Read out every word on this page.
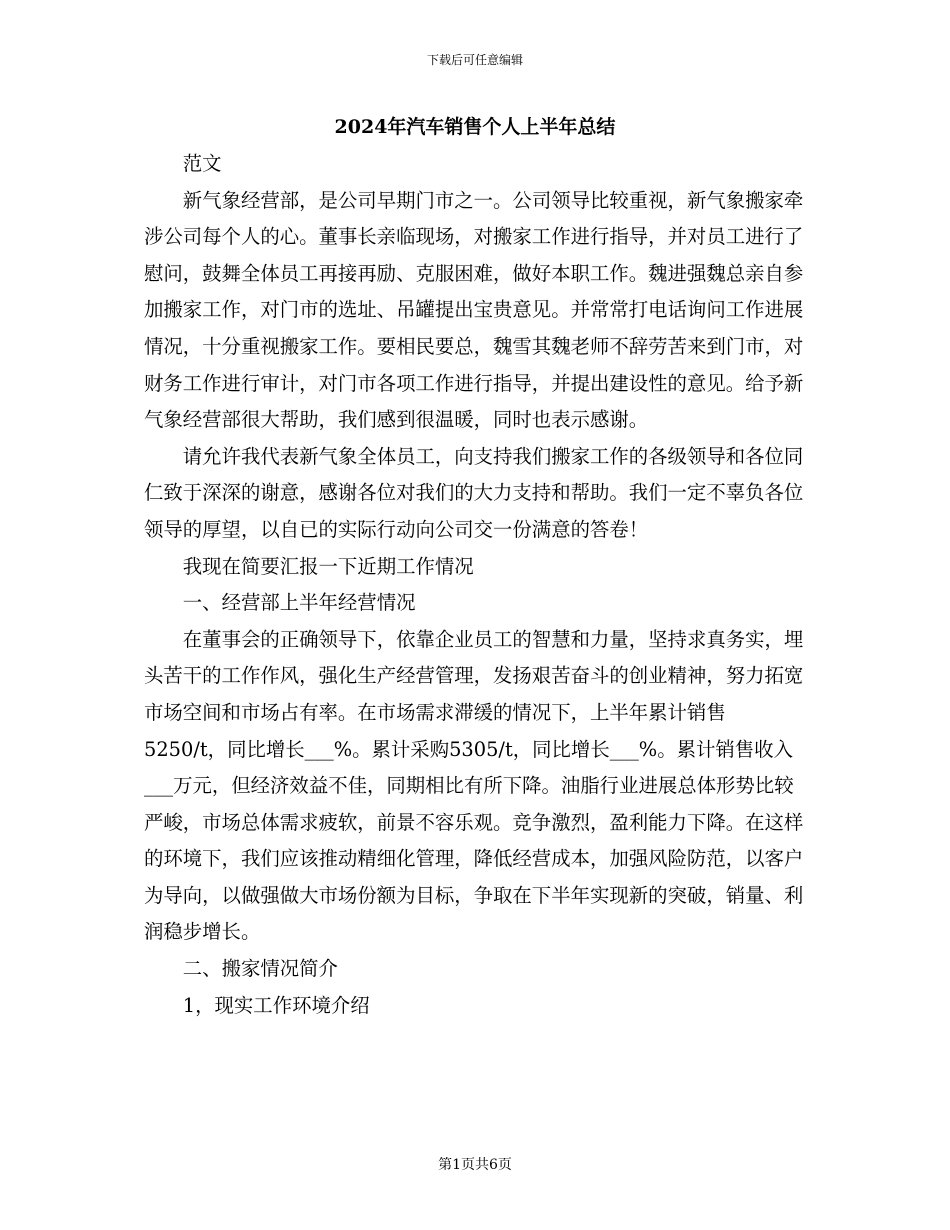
下载后可任意编辑
2024年汽车销售个人上半年总结

范文

新气象经营部，是公司早期门市之一。公司领导比较重视，新气象搬家牵涉公司每个人的心。董事长亲临现场，对搬家工作进行指导，并对员工进行了慰问，鼓舞全体员工再接再励、克服困难，做好本职工作。魏进强魏总亲自参加搬家工作，对门市的选址、吊罐提出宝贵意见。并常常打电话询问工作进展情况，十分重视搬家工作。要相民要总，魏雪其魏老师不辞劳苦来到门市，对财务工作进行审计，对门市各项工作进行指导，并提出建设性的意见。给予新气象经营部很大帮助，我们感到很温暖，同时也表示感谢。

请允许我代表新气象全体员工，向支持我们搬家工作的各级领导和各位同仁致于深深的谢意，感谢各位对我们的大力支持和帮助。我们一定不辜负各位领导的厚望，以自已的实际行动向公司交一份满意的答卷！

我现在简要汇报一下近期工作情况

一、经营部上半年经营情况

在董事会的正确领导下，依靠企业员工的智慧和力量，坚持求真务实，埋头苦干的工作作风，强化生产经营管理，发扬艰苦奋斗的创业精神，努力拓宽市场空间和市场占有率。在市场需求滞缓的情况下，上半年累计销售5250/t，同比增长___%。累计采购5305/t，同比增长___%。累计销售收入___万元，但经济效益不佳，同期相比有所下降。油脂行业进展总体形势比较严峻，市场总体需求疲软，前景不容乐观。竞争激烈，盈利能力下降。在这样的环境下，我们应该推动精细化管理，降低经营成本，加强风险防范，以客户为导向，以做强做大市场份额为目标，争取在下半年实现新的突破，销量、利润稳步增长。

二、搬家情况简介

1，现实工作环境介绍

第1页共6页
